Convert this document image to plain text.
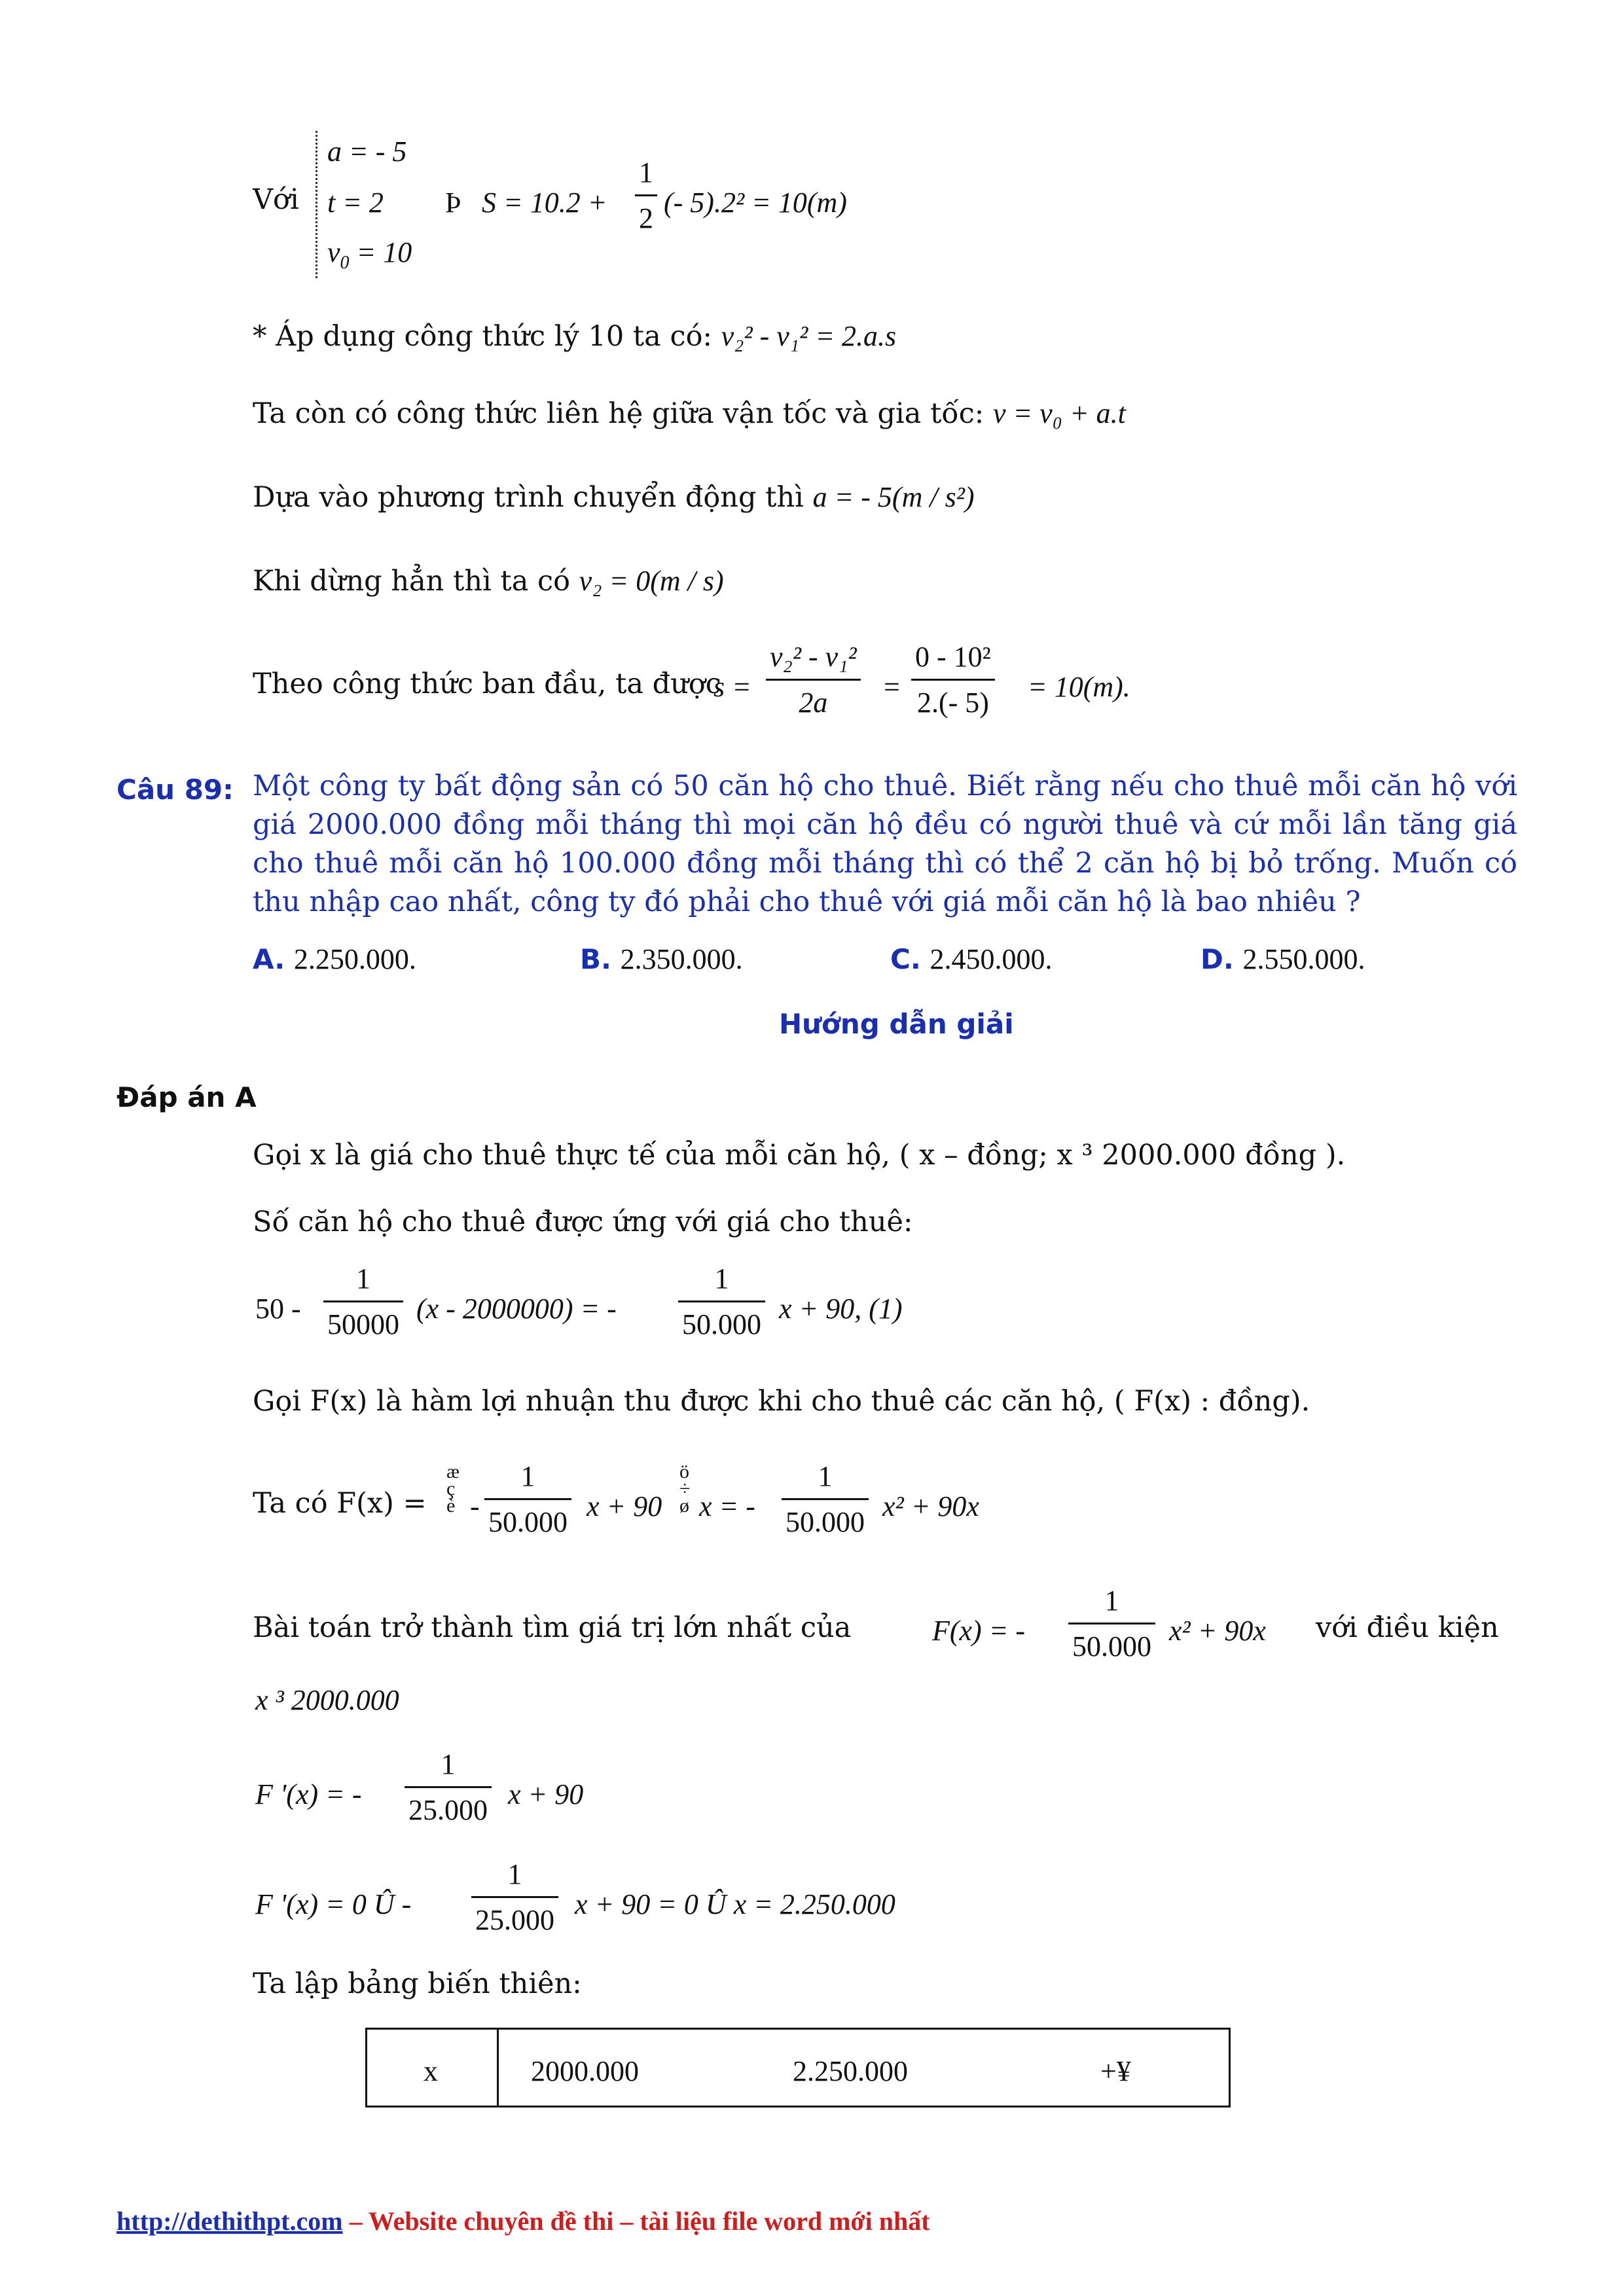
Với
a = - 5
t = 2
$v_0 = 10$
Þ $S = 10.2 + \frac{1}{2}$ (- 5).2² = 10(m)
* Áp dụng công thức lý 10 ta có: v₂² - v₁² = 2.a.s
Ta còn có công thức liên hệ giữa vận tốc và gia tốc: v = v₀ + a.t
Dựa vào phương trình chuyển động thì a = - 5(m / s²)
Khi dừng hẳn thì ta có v₂ = 0(m / s)
Theo công thức ban đầu, ta được
$s = \frac{\text{v₂² - v₁²}}{2a} = \frac{\text{0 - 10²}}{2.(- 5)} = 10(m)$.
Câu 89: Một công ty bất động sản có 50 căn hộ cho thuê. Biết rằng nếu cho thuê mỗi căn hộ với giá 2000.000 đồng mỗi tháng thì mọi căn hộ đều có người thuê và cứ mỗi lần tăng giá cho thuê mỗi căn hộ 100.000 đồng mỗi tháng thì có thể 2 căn hộ bị bỏ trống. Muốn có thu nhập cao nhất, công ty đó phải cho thuê với giá mỗi căn hộ là bao nhiêu ?
A. 2.250.000.	B. 2.350.000.	C. 2.450.000.	D. 2.550.000.
Hướng dẫn giải
Đáp án A
Gọi x là giá cho thuê thực tế của mỗi căn hộ, ( x – đồng; x ³ 2000.000 đồng ).
Số căn hộ cho thuê được ứng với giá cho thuê:
$50 - \frac{1}{50000} (x - 2000000)$ = - $\frac{1}{50.000}$ x + 90, (1)
Gọi F(x) là hàm lợi nhuận thu được khi cho thuê các căn hộ, ( F(x) : đồng).
Ta có F(x) =
æ ç è - $\frac{1}{50.000}$ x + 90
ö ÷ ø x = - $\frac{1}{50.000} x^2 + 90x$
Bài toán trở thành tìm giá trị lớn nhất của	F(x) = - $\frac{1}{50.000} x^2 + 90x$ với điều kiện
x ³ 2000.000
F '(x) = - $\frac{1}{25.000}$ x + 90
F '(x) = 0 Û - $\frac{1}{25.000}$ x + 90 = 0 Û x = 2.250.000
Ta lập bảng biến thiên:
x	2000.000	2.250.000	+¥
http://dethithpt.com – Website chuyên đề thi – tài liệu file word mới nhất
